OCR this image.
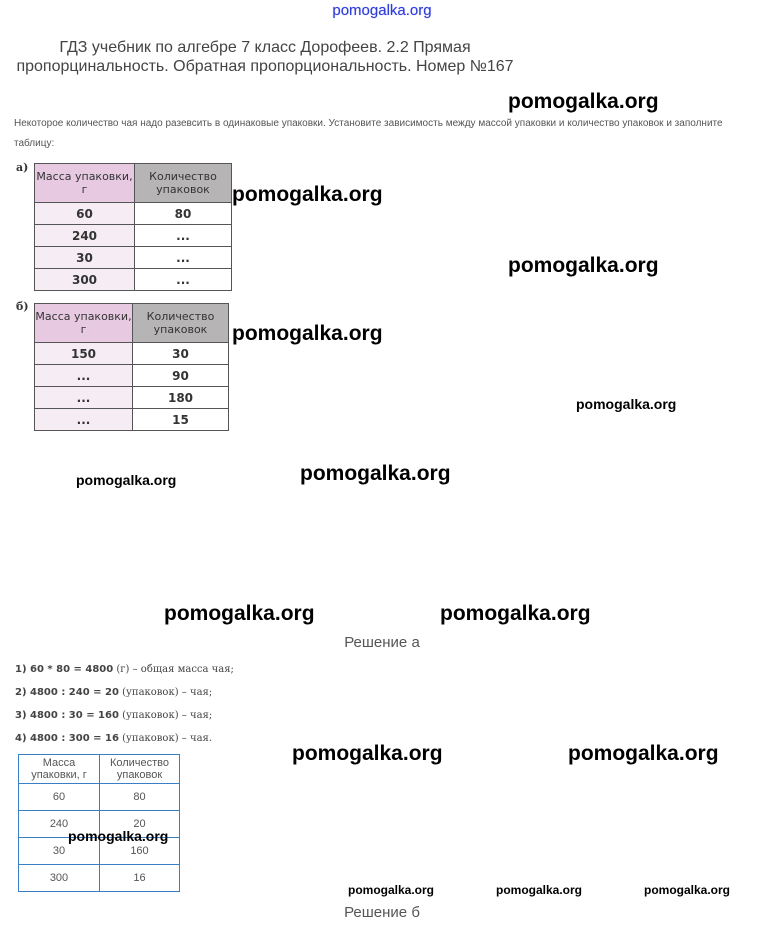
pomogalka.org
ГДЗ учебник по алгебре 7 класс Дорофеев. 2.2 Прямая пропорцинальность. Обратная пропорциональность. Номер №167
pomogalka.org
pomogalka.org
pomogalka.org
pomogalka.org
pomogalka.org
pomogalka.org	pomogalka.org
pomogalka.org	pomogalka.org
pomogalka.org	pomogalka.org
pomogalka.org	pomogalka.org	pomogalka.org
Некоторое количество чая надо разевсить в одинаковые упаковки. Установите зависимость между массой упаковки и количество упаковок и заполните таблицу:
а)
Масса упаковки, г	Количество упаковок
60	80
240	...
30	...
300	...
б)
Масса упаковки, г	Количество упаковок
150	30
...	90
...	180
...	15
Решение а
1) 60 * 80 = 4800 (г) – общая масса чая;
2) 4800 : 240 = 20 (упаковок) – чая;
3) 4800 : 30 = 160 (упаковок) – чая;
4) 4800 : 300 = 16 (упаковок) – чая.
Масса упаковки, г	Количество упаковок
60	80
240	20
30	160
300	16
pomogalka.org
Решение б
